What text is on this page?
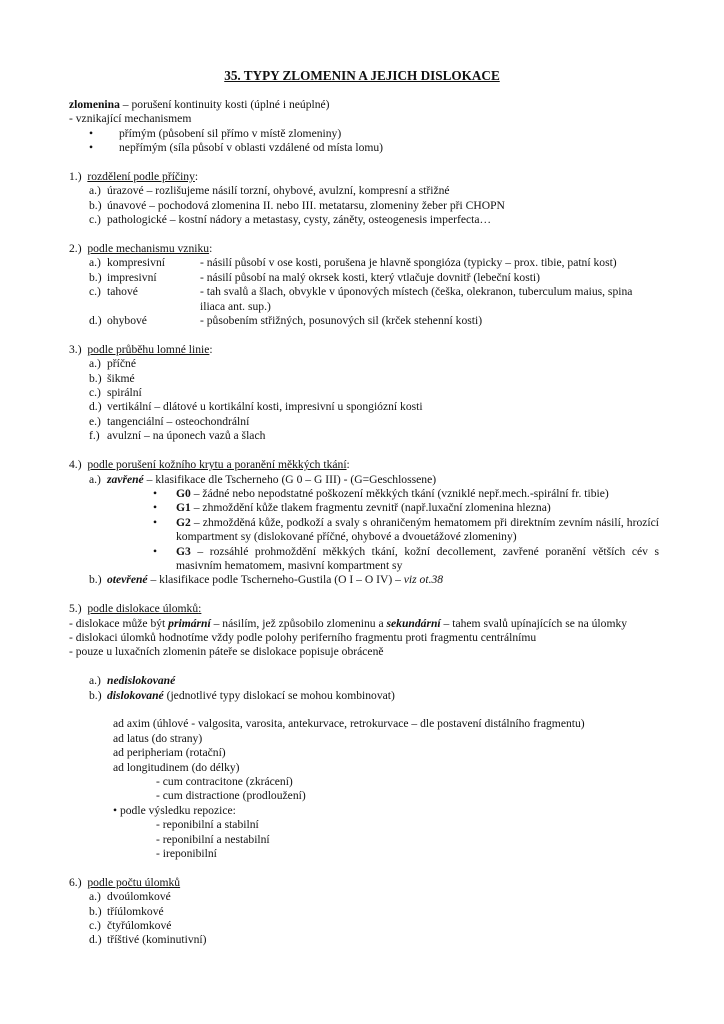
35. TYPY ZLOMENIN A JEJICH DISLOKACE
zlomenina – porušení kontinuity kosti (úplné i neúplné)
- vznikající mechanismem
•	přímým (působení sil přímo v místě zlomeniny)
•	nepřímým (síla působí v oblasti vzdálené od místa lomu)
1.) rozdělení podle příčiny:
a.) úrazové – rozlišujeme násilí torzní, ohybové, avulzní, kompresní a střižné
b.) únavové – pochodová zlomenina II. nebo III. metatarsu, zlomeniny žeber při CHOPN
c.) pathologické – kostní nádory a metastasy, cysty, záněty, osteogenesis imperfecta…
2.) podle mechanismu vzniku:
a.) kompresivní	- násilí působí v ose kosti, porušena je hlavně spongióza (typicky – prox. tibie, patní kost)
b.) impresivní	- násilí působí na malý okrsek kosti, který vtlačuje dovnitř (lebeční kosti)
c.) tahové	- tah svalů a šlach, obvykle v úponových místech (češka, olekranon, tuberculum maius, spina iliaca ant. sup.)
d.) ohybové	- působením střižných, posunových sil (krček stehenní kosti)
3.) podle průběhu lomné linie:
a.) příčné
b.) šikmé
c.) spirální
d.) vertikální – dlátové u kortikální kosti, impresivní u spongiózní kosti
e.) tangenciální – osteochondrální
f.) avulzní – na úponech vazů a šlach
4.) podle porušení kožního krytu a poranění měkkých tkání:
a.) zavřené – klasifikace dle Tscherneho (G 0 – G III) - (G=Geschlossene)
•	G0 – žádné nebo nepodstatné poškození měkkých tkání (vzniklé nepř.mech.-spirální fr. tibie)
•	G1 – zhmoždění kůže tlakem fragmentu zevnitř (např.luxační zlomenina hlezna)
•	G2 – zhmožděná kůže, podkoží a svaly s ohraničeným hematomem při direktním zevním násilí, hrozící kompartment sy (dislokované příčné, ohybové a dvouetážové zlomeniny)
•	G3 – rozsáhlé prohmoždění měkkých tkání, kožní decollement, zavřené poranění větších cév s masivním hematomem, masivní kompartment sy
b.) otevřené – klasifikace podle Tscherneho-Gustila (O I – O IV) – viz ot.38
5.) podle dislokace úlomků:
- dislokace může být primární – násilím, jež způsobilo zlomeninu a sekundární – tahem svalů upínajících se na úlomky
- dislokaci úlomků hodnotíme vždy podle polohy periferního fragmentu proti fragmentu centrálnímu
- pouze u luxačních zlomenin páteře se dislokace popisuje obráceně
a.) nedislokované
b.) dislokované (jednotlivé typy dislokací se mohou kombinovat)
ad axim (úhlové - valgosita, varosita, antekurvace, retrokurvace – dle postavení distálního fragmentu)
ad latus (do strany)
ad peripheriam (rotační)
ad longitudinem (do délky)
- cum contracitone (zkrácení)
- cum distractione (prodloužení)
• podle výsledku repozice:
- reponibilní a stabilní
- reponibilní a nestabilní
- ireponibilní
6.) podle počtu úlomků
a.) dvoúlomkové
b.) tříúlomkové
c.) čtyřúlomkové
d.) tříštivé (kominutivní)
